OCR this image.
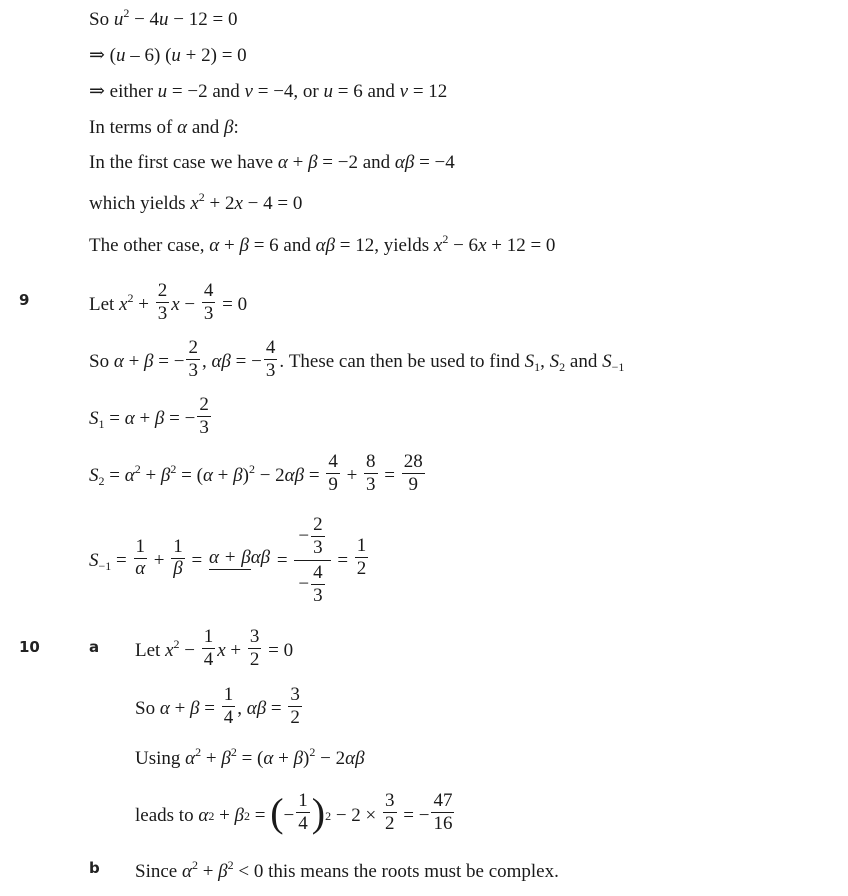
So $u^2 - 4u - 12 = 0$
⇒ (u – 6) (u + 2) = 0
⇒ either u = −2 and v = −4, or u = 6 and v = 12
In terms of α and β:
In the first case we have α + β = −2 and αβ = −4
which yields $x^2 + 2x - 4 = 0$
The other case, α + β = 6 and αβ = 12, yields $x^2 - 6x + 12 = 0$
9	Let $x^2 + \frac{2}{3}$ $x - \frac{4}{3} = 0$
So α + β = − $\frac{2}{3}$ , αβ = − $\frac{4}{3}$ . These can then be used to find $S_1$, $S_2$ and $S_{-1}$
$S_1 = \alpha + \beta$ = − $\frac{2}{3}$
$S_2 = \alpha^2 + \beta^2 = (\alpha + \beta)^2 - 2\alpha\beta = \frac{4}{9} + \frac{8}{3} = \frac{28}{9}$
$S_{-1} = \frac{1}{\alpha} + \frac{1}{\beta} = \alpha + \beta\alpha\beta = \frac{- \frac{2}{3}}{- \frac{4}{3}} = \frac{1}{2}$
10	a Let $x^2 - \frac{1}{4}$ $x + \frac{3}{2} = 0$
So $\alpha + \beta = \frac{1}{4}$ , $\alpha\beta = \frac{3}{2}$
Using $\alpha^2 + \beta^2 = (\alpha + \beta)^2 - 2\alpha\beta$
leads to α 2 + β 2 = ( − $\frac{1}{4}$ ) $2 - 2 \times \frac{3}{2}$ = − $\frac{47}{16}$
b Since $\alpha^2 + \beta^2 < 0$ this means the roots must be complex.
